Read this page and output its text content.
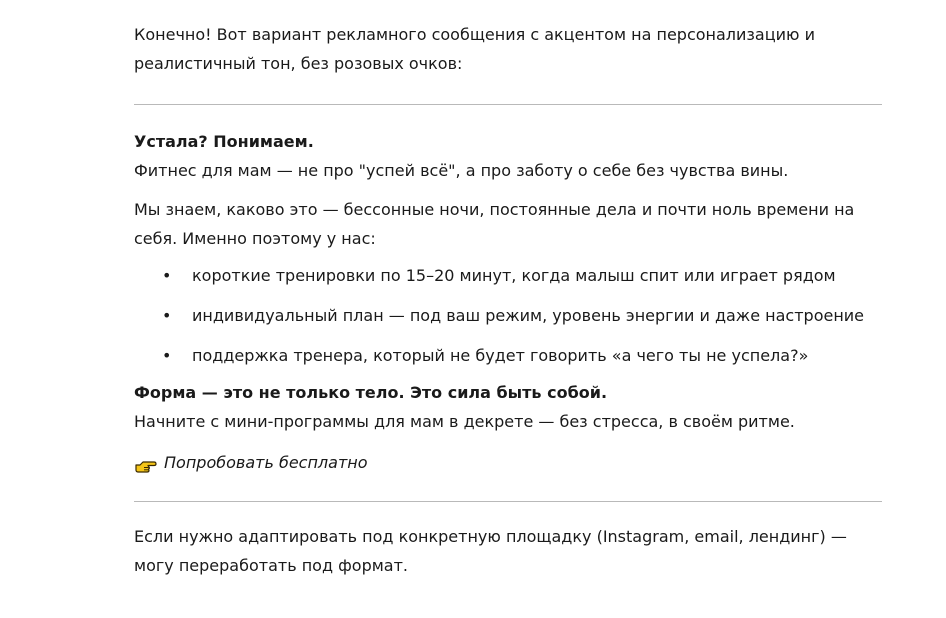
Конечно! Вот вариант рекламного сообщения с акцентом на персонализацию и реалистичный тон, без розовых очков:

Устала? Понимаем.

Фитнес для мам — не про "успей всё", а про заботу о себе без чувства вины.

Мы знаем, каково это — бессонные ночи, постоянные дела и почти ноль времени на себя. Именно поэтому у нас:

• короткие тренировки по 15–20 минут, когда малыш спит или играет рядом
• индивидуальный план — под ваш режим, уровень энергии и даже настроение
• поддержка тренера, который не будет говорить «а чего ты не успела?»

Форма — это не только тело. Это сила быть собой.

Начните с мини-программы для мам в декрете — без стресса, в своём ритме.

Попробовать бесплатно

Если нужно адаптировать под конкретную площадку (Instagram, email, лендинг) — могу переработать под формат.
